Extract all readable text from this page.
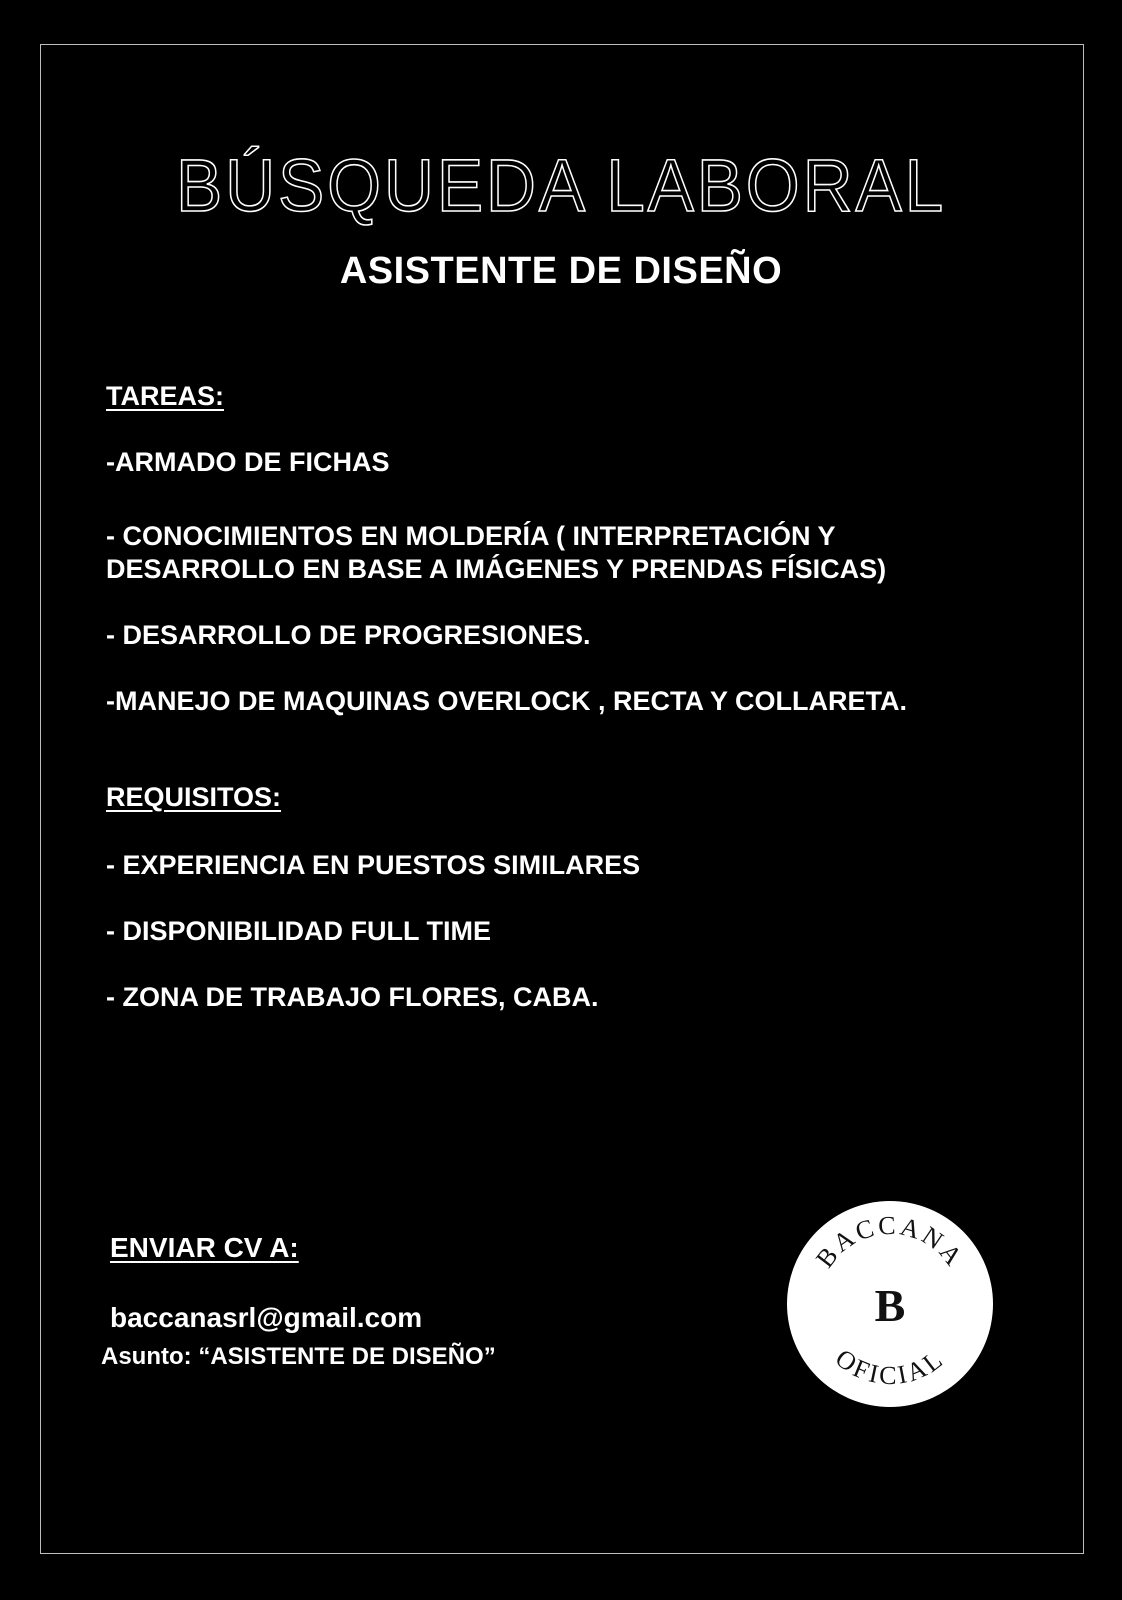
BÚSQUEDA LABORAL
ASISTENTE DE DISEÑO
TAREAS:
-ARMADO DE FICHAS
- CONOCIMIENTOS EN MOLDERÍA ( INTERPRETACIÓN Y
DESARROLLO EN BASE A IMÁGENES Y PRENDAS FÍSICAS)
- DESARROLLO DE PROGRESIONES.
-MANEJO DE MAQUINAS OVERLOCK , RECTA Y COLLARETA.
REQUISITOS:
- EXPERIENCIA EN PUESTOS SIMILARES
- DISPONIBILIDAD FULL TIME
- ZONA DE TRABAJO FLORES, CABA.
ENVIAR CV A:
baccanasrl@gmail.com
Asunto: “ASISTENTE DE DISEÑO”
BACCANA
B
OFICIAL
